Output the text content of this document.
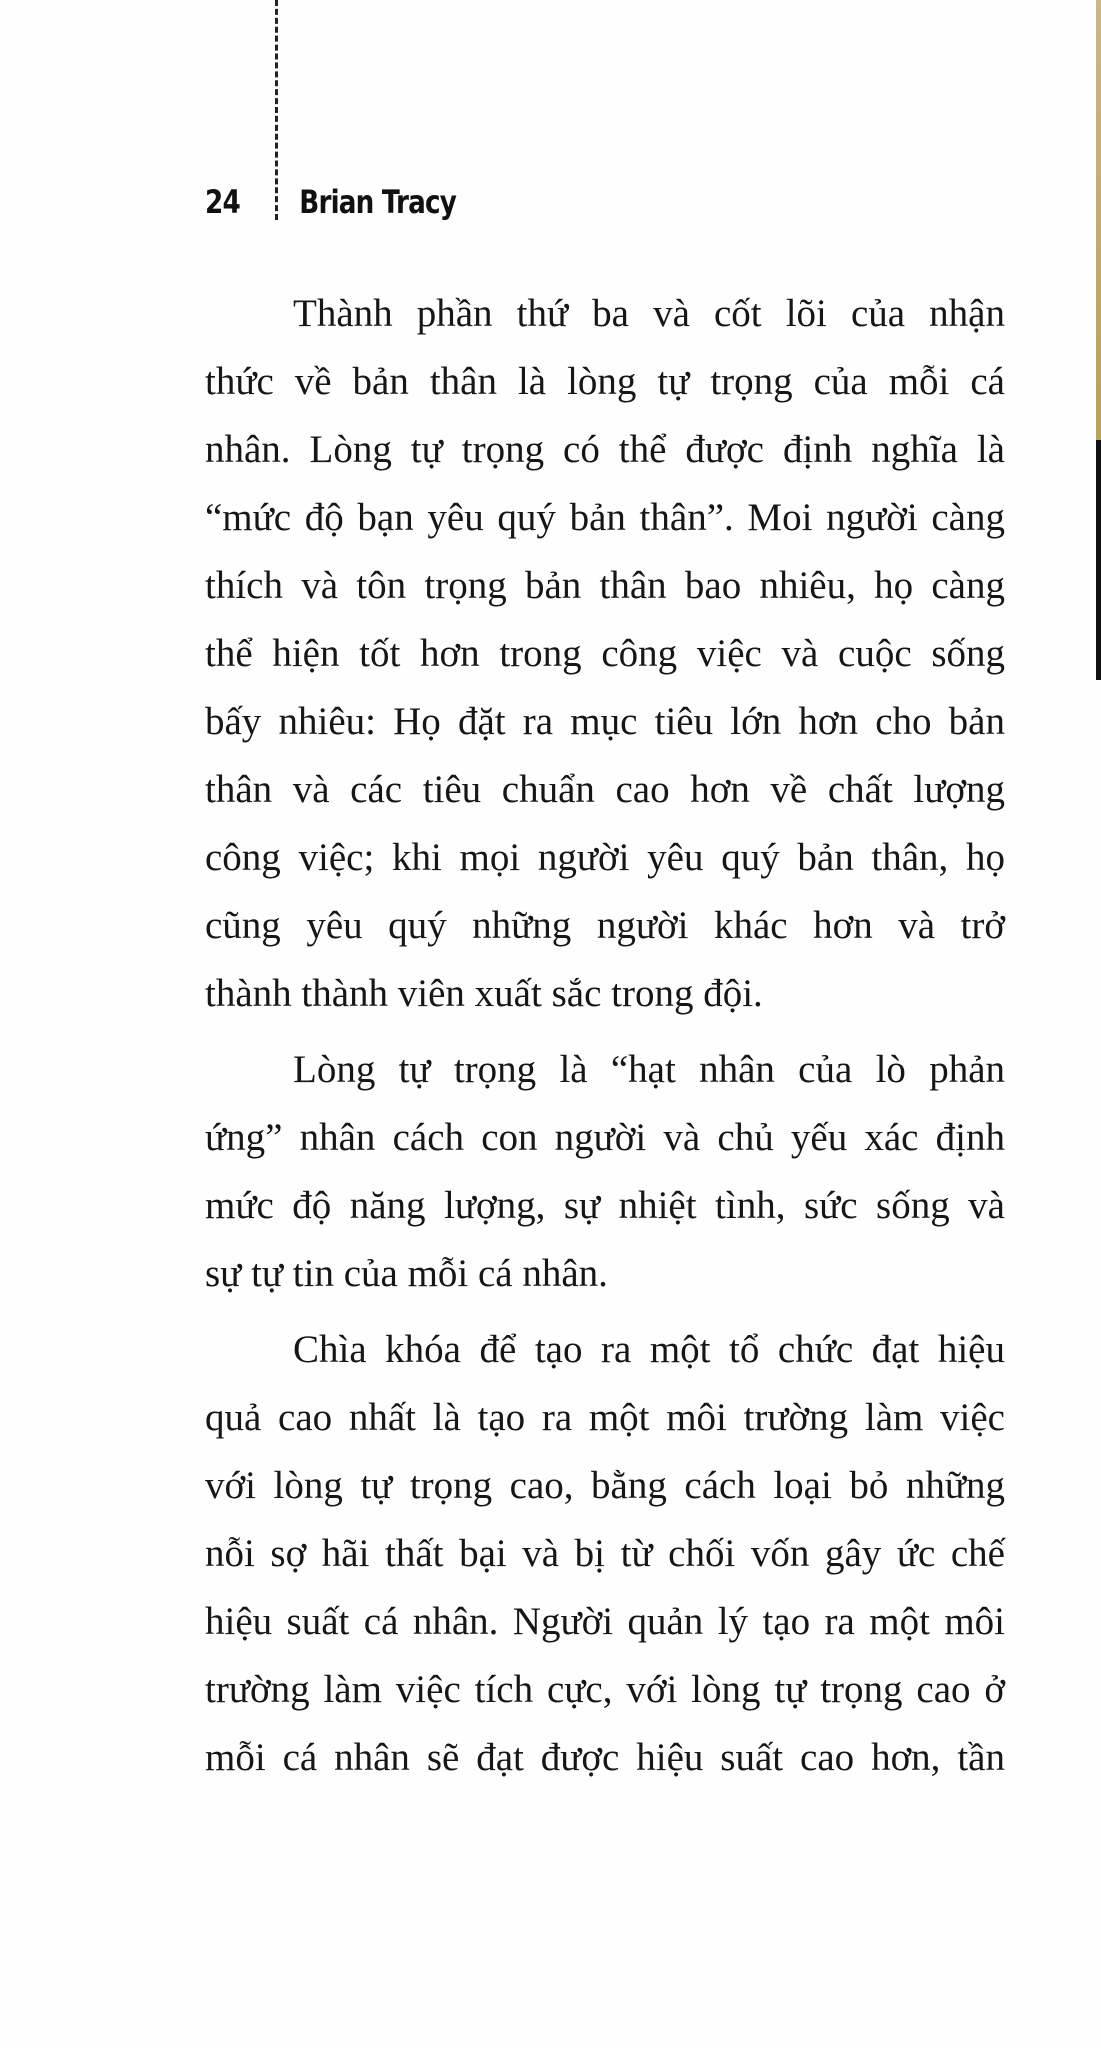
24	Brian Tracy
Thành phần thứ ba và cốt lõi của nhận
thức về bản thân là lòng tự trọng của mỗi cá
nhân. Lòng tự trọng có thể được định nghĩa là
“mức độ bạn yêu quý bản thân”. Moi người càng
thích và tôn trọng bản thân bao nhiêu, họ càng
thể hiện tốt hơn trong công việc và cuộc sống
bấy nhiêu: Họ đặt ra mục tiêu lớn hơn cho bản
thân và các tiêu chuẩn cao hơn về chất lượng
công việc; khi mọi người yêu quý bản thân, họ
cũng yêu quý những người khác hơn và trở
thành thành viên xuất sắc trong đội.
Lòng tự trọng là “hạt nhân của lò phản
ứng” nhân cách con người và chủ yếu xác định
mức độ năng lượng, sự nhiệt tình, sức sống và
sự tự tin của mỗi cá nhân.
Chìa khóa để tạo ra một tổ chức đạt hiệu
quả cao nhất là tạo ra một môi trường làm việc
với lòng tự trọng cao, bằng cách loại bỏ những
nỗi sợ hãi thất bại và bị từ chối vốn gây ức chế
hiệu suất cá nhân. Người quản lý tạo ra một môi
trường làm việc tích cực, với lòng tự trọng cao ở
mỗi cá nhân sẽ đạt được hiệu suất cao hơn, tần
